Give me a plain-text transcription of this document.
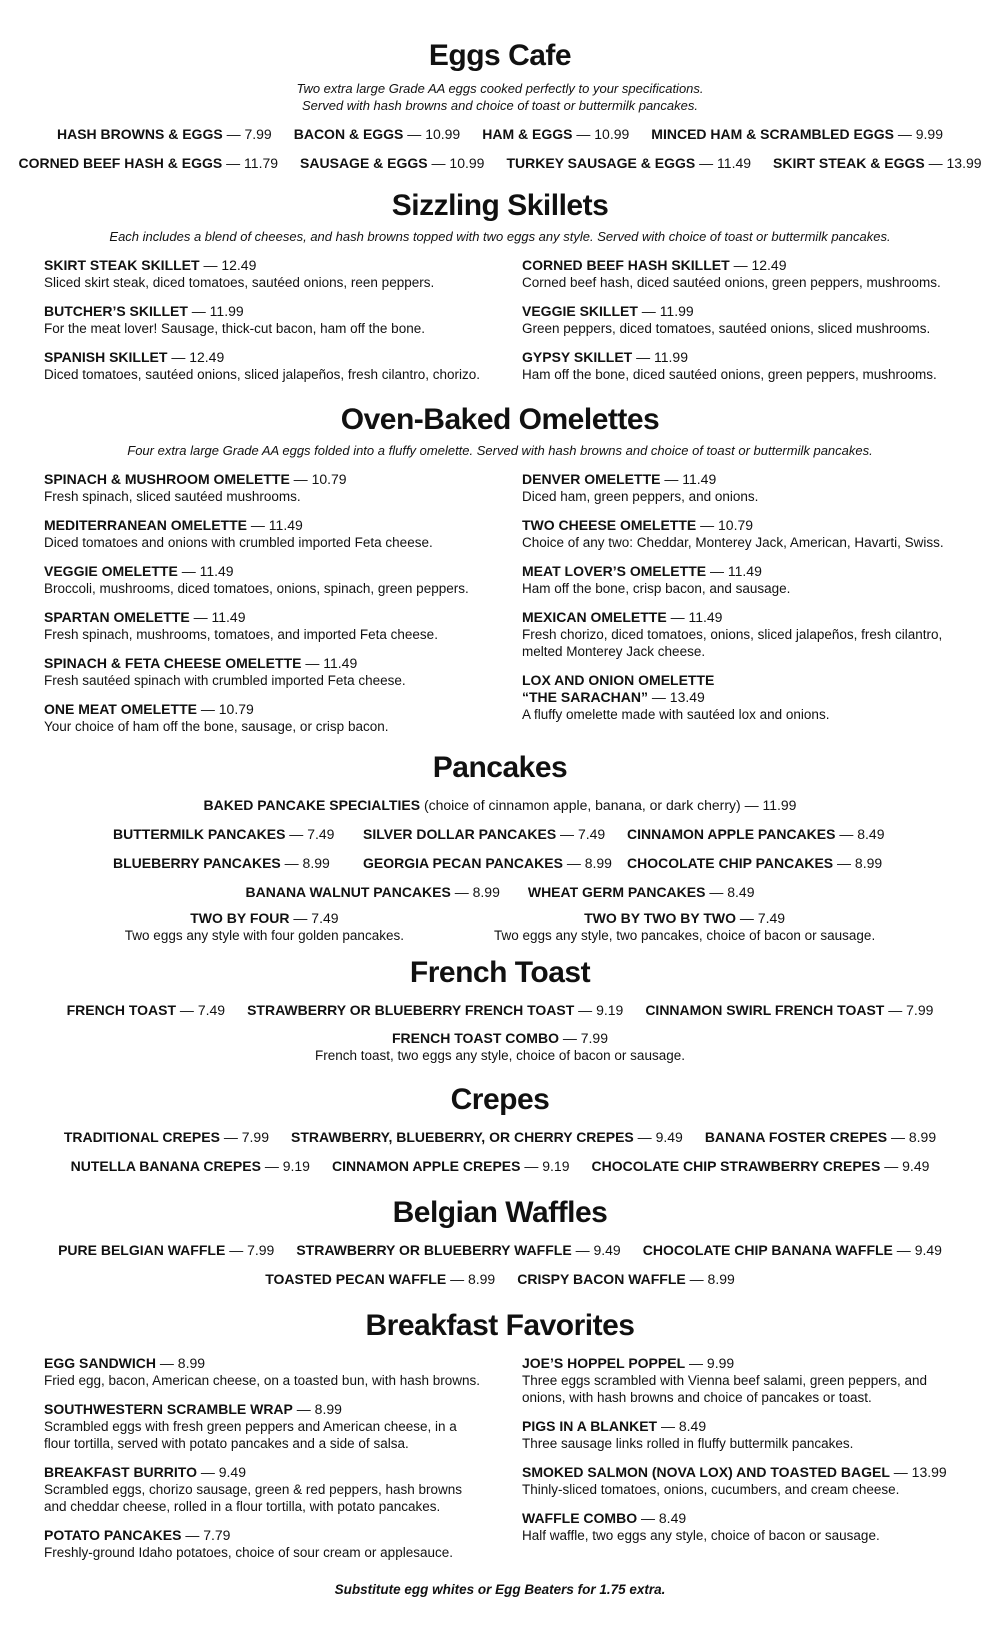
Eggs Cafe
Two extra large Grade AA eggs cooked perfectly to your specifications.
Served with hash browns and choice of toast or buttermilk pancakes.
HASH BROWNS & EGGS — 7.99 BACON & EGGS — 10.99 HAM & EGGS — 10.99 MINCED HAM & SCRAMBLED EGGS — 9.99
CORNED BEEF HASH & EGGS — 11.79 SAUSAGE & EGGS — 10.99 TURKEY SAUSAGE & EGGS — 11.49 SKIRT STEAK & EGGS — 13.99
Sizzling Skillets
Each includes a blend of cheeses, and hash browns topped with two eggs any style. Served with choice of toast or buttermilk pancakes.
SKIRT STEAK SKILLET — 12.49
Sliced skirt steak, diced tomatoes, sautéed onions, reen peppers.
BUTCHER’S SKILLET — 11.99
For the meat lover! Sausage, thick-cut bacon, ham off the bone.
SPANISH SKILLET — 12.49
Diced tomatoes, sautéed onions, sliced jalapeños, fresh cilantro, chorizo.
CORNED BEEF HASH SKILLET — 12.49
Corned beef hash, diced sautéed onions, green peppers, mushrooms.
VEGGIE SKILLET — 11.99
Green peppers, diced tomatoes, sautéed onions, sliced mushrooms.
GYPSY SKILLET — 11.99
Ham off the bone, diced sautéed onions, green peppers, mushrooms.
Oven-Baked Omelettes
Four extra large Grade AA eggs folded into a fluffy omelette. Served with hash browns and choice of toast or buttermilk pancakes.
SPINACH & MUSHROOM OMELETTE — 10.79
Fresh spinach, sliced sautéed mushrooms.
MEDITERRANEAN OMELETTE — 11.49
Diced tomatoes and onions with crumbled imported Feta cheese.
VEGGIE OMELETTE — 11.49
Broccoli, mushrooms, diced tomatoes, onions, spinach, green peppers.
SPARTAN OMELETTE — 11.49
Fresh spinach, mushrooms, tomatoes, and imported Feta cheese.
SPINACH & FETA CHEESE OMELETTE — 11.49
Fresh sautéed spinach with crumbled imported Feta cheese.
ONE MEAT OMELETTE — 10.79
Your choice of ham off the bone, sausage, or crisp bacon.
DENVER OMELETTE — 11.49
Diced ham, green peppers, and onions.
TWO CHEESE OMELETTE — 10.79
Choice of any two: Cheddar, Monterey Jack, American, Havarti, Swiss.
MEAT LOVER’S OMELETTE — 11.49
Ham off the bone, crisp bacon, and sausage.
MEXICAN OMELETTE — 11.49
Fresh chorizo, diced tomatoes, onions, sliced jalapeños, fresh cilantro, melted Monterey Jack cheese.
LOX AND ONION OMELETTE
“THE SARACHAN” — 13.49
A fluffy omelette made with sautéed lox and onions.
Pancakes
BAKED PANCAKE SPECIALTIES (choice of cinnamon apple, banana, or dark cherry) — 11.99
BUTTERMILK PANCAKES — 7.49	SILVER DOLLAR PANCAKES — 7.49 CINNAMON APPLE PANCAKES — 8.49
BLUEBERRY PANCAKES — 8.99	GEORGIA PECAN PANCAKES — 8.99 CHOCOLATE CHIP PANCAKES — 8.99
BANANA WALNUT PANCAKES — 8.99 WHEAT GERM PANCAKES — 8.49
TWO BY FOUR — 7.49
Two eggs any style with four golden pancakes.
TWO BY TWO BY TWO — 7.49
Two eggs any style, two pancakes, choice of bacon or sausage.
French Toast
FRENCH TOAST — 7.49 STRAWBERRY OR BLUEBERRY FRENCH TOAST — 9.19 CINNAMON SWIRL FRENCH TOAST — 7.99
FRENCH TOAST COMBO — 7.99
French toast, two eggs any style, choice of bacon or sausage.
Crepes
TRADITIONAL CREPES — 7.99 STRAWBERRY, BLUEBERRY, OR CHERRY CREPES — 9.49 BANANA FOSTER CREPES — 8.99
NUTELLA BANANA CREPES — 9.19 CINNAMON APPLE CREPES — 9.19 CHOCOLATE CHIP STRAWBERRY CREPES — 9.49
Belgian Waffles
PURE BELGIAN WAFFLE — 7.99 STRAWBERRY OR BLUEBERRY WAFFLE — 9.49 CHOCOLATE CHIP BANANA WAFFLE — 9.49
TOASTED PECAN WAFFLE — 8.99 CRISPY BACON WAFFLE — 8.99
Breakfast Favorites
EGG SANDWICH — 8.99
Fried egg, bacon, American cheese, on a toasted bun, with hash browns.
SOUTHWESTERN SCRAMBLE WRAP — 8.99
Scrambled eggs with fresh green peppers and American cheese, in a flour tortilla, served with potato pancakes and a side of salsa.
BREAKFAST BURRITO — 9.49
Scrambled eggs, chorizo sausage, green & red peppers, hash browns and cheddar cheese, rolled in a flour tortilla, with potato pancakes.
POTATO PANCAKES — 7.79
Freshly-ground Idaho potatoes, choice of sour cream or applesauce.
JOE’S HOPPEL POPPEL — 9.99
Three eggs scrambled with Vienna beef salami, green peppers, and onions, with hash browns and choice of pancakes or toast.
PIGS IN A BLANKET — 8.49
Three sausage links rolled in fluffy buttermilk pancakes.
SMOKED SALMON (NOVA LOX) AND TOASTED BAGEL — 13.99
Thinly-sliced tomatoes, onions, cucumbers, and cream cheese.
WAFFLE COMBO — 8.49
Half waffle, two eggs any style, choice of bacon or sausage.
Substitute egg whites or Egg Beaters for 1.75 extra.
